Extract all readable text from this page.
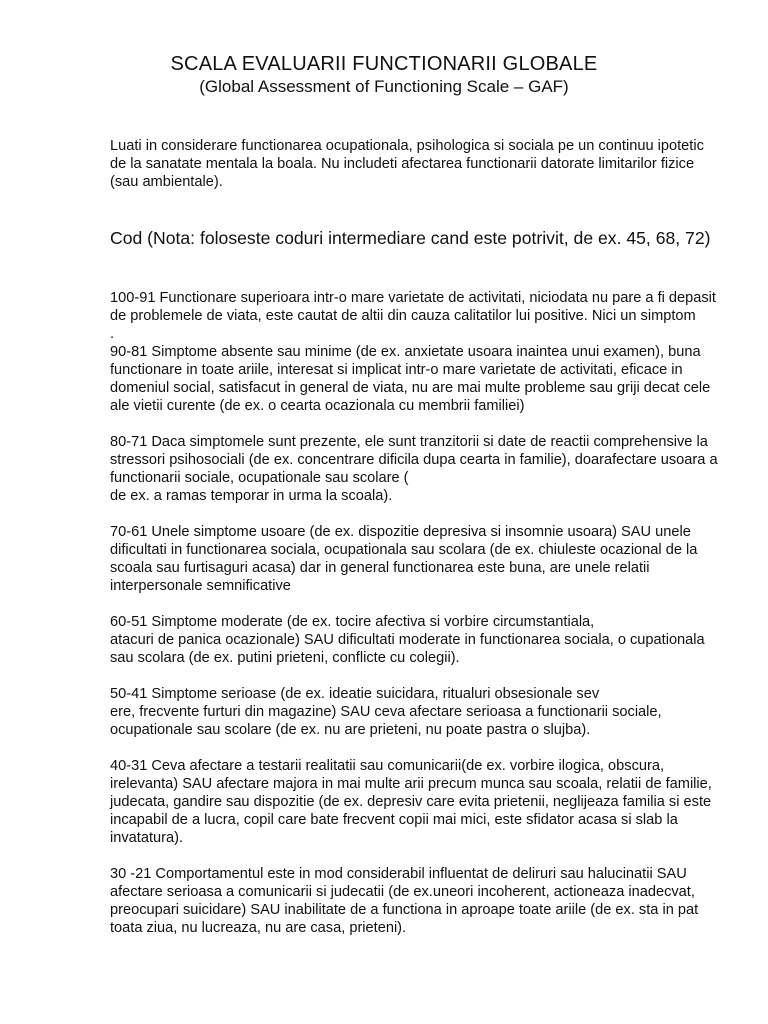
SCALA EVALUARII FUNCTIONARII GLOBALE

(Global Assessment of Functioning Scale – GAF)

Luati in considerare functionarea ocupationala, psihologica si sociala pe un continuu ipotetic de la sanatate mentala la boala. Nu includeti afectarea functionarii datorate limitarilor fizice (sau ambientale).

Cod (Nota: foloseste coduri intermediare cand este potrivit, de ex. 45, 68, 72)

100-91 Functionare superioara intr-o mare varietate de activitati, niciodata nu pare a fi depasit de problemele de viata, este cautat de altii din cauza calitatilor lui positive. Nici un simptom
.

90-81 Simptome absente sau minime (de ex. anxietate usoara inaintea unui examen), buna functionare in toate ariile, interesat si implicat intr-o mare varietate de activitati, eficace in domeniul social, satisfacut in general de viata, nu are mai multe probleme sau grijі decat cele ale vietii curente (de ex. o cearta ocazionala cu membrii familiei)

80-71 Daca simptomele sunt prezente, ele sunt tranzitorii si date de reactii comprehensive la stressori psihosociali (de ex. concentrare dificila dupa cearta in familie), doarafectare usoara a functionarii sociale, ocupationale sau scolare (
de ex. a ramas temporar in urma la scoala).

70-61 Unele simptome usoare (de ex. dispozitie depresiva si insomnie usoara) SAU unele dificultati in functionarea sociala, ocupationala sau scolara (de ex. chiuleste ocazional de la scoala sau furtisaguri acasa) dar in general functionarea este buna, are unele relatii interpersonale semnificative

60-51 Simptome moderate (de ex. tocire afectiva si vorbire circumstantiala,
atacuri de panica ocazionale) SAU dificultati moderate in functionarea sociala, o cupationala sau scolara (de ex. putini prieteni, conflicte cu colegii).

50-41 Simptome serioase (de ex. ideatie suicidara, ritualuri obsesionale sev
ere, frecvente furturi din magazine) SAU ceva afectare serioasa a functionarii sociale, ocupationale sau scolare (de ex. nu are prieteni, nu poate pastra o slujba).

40-31 Ceva afectare a testarii realitatii sau comunicarii(de ex. vorbire ilogica, obscura, irelevanta) SAU afectare majora in mai multe arii precum munca sau scoala, relatii de familie, judecata, gandire sau dispozitie (de ex. depresiv care evita prietenii, neglijeaza familia si este incapabil de a lucra, copil care bate frecvent copii mai mici, este sfidator acasa si slab la invatatura).

30 -21 Comportamentul este in mod considerabil influentat de deliruri sau halucinatii SAU afectare serioasa a comunicarii si judecatii (de ex.uneori incoherent, actioneaza inadecvat, preocupari suicidare) SAU inabilitate de a functiona in aproape toate ariile (de ex. sta in pat toata ziua, nu lucreaza, nu are casa, prieteni).
